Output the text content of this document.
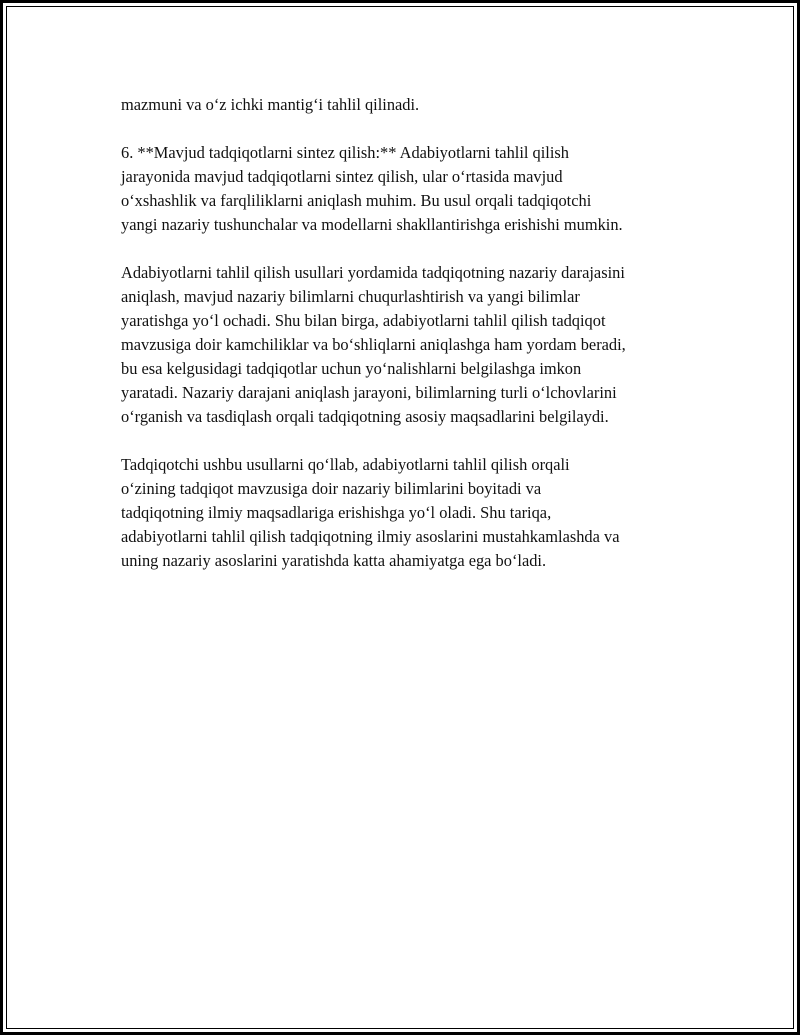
mazmuni va o‘z ichki mantig‘i tahlil qilinadi.

6. **Mavjud tadqiqotlarni sintez qilish:** Adabiyotlarni tahlil qilish
jarayonida mavjud tadqiqotlarni sintez qilish, ular o‘rtasida mavjud
o‘xshashlik va farqliliklarni aniqlash muhim. Bu usul orqali tadqiqotchi
yangi nazariy tushunchalar va modellarni shakllantirishga erishishi mumkin.

Adabiyotlarni tahlil qilish usullari yordamida tadqiqotning nazariy darajasini
aniqlash, mavjud nazariy bilimlarni chuqurlashtirish va yangi bilimlar
yaratishga yo‘l ochadi. Shu bilan birga, adabiyotlarni tahlil qilish tadqiqot
mavzusiga doir kamchiliklar va bo‘shliqlarni aniqlashga ham yordam beradi,
bu esa kelgusidagi tadqiqotlar uchun yo‘nalishlarni belgilashga imkon
yaratadi. Nazariy darajani aniqlash jarayoni, bilimlarning turli o‘lchovlarini
o‘rganish va tasdiqlash orqali tadqiqotning asosiy maqsadlarini belgilaydi.

Tadqiqotchi ushbu usullarni qo‘llab, adabiyotlarni tahlil qilish orqali
o‘zining tadqiqot mavzusiga doir nazariy bilimlarini boyitadi va
tadqiqotning ilmiy maqsadlariga erishishga yo‘l oladi. Shu tariqa,
adabiyotlarni tahlil qilish tadqiqotning ilmiy asoslarini mustahkamlashda va
uning nazariy asoslarini yaratishda katta ahamiyatga ega bo‘ladi.
